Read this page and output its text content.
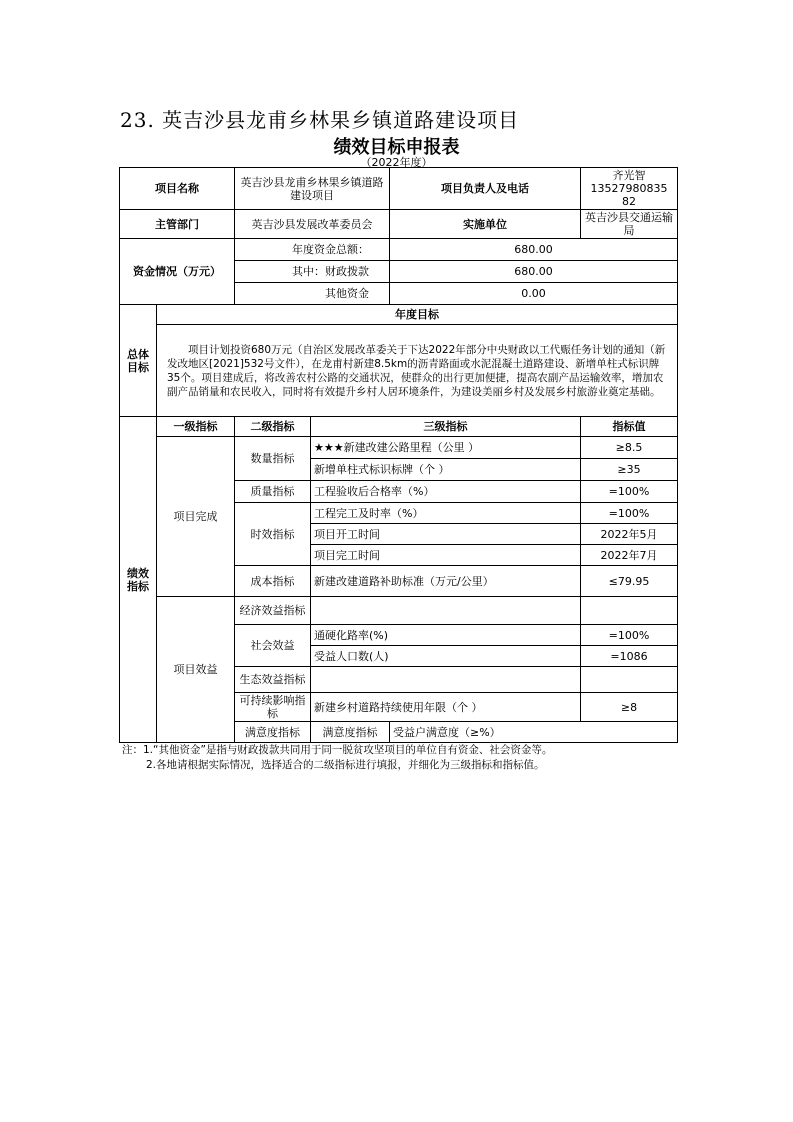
23. 英吉沙县龙甫乡林果乡镇道路建设项目
绩效目标申报表
（2022年度）
项目名称		英吉沙县龙甫乡林果乡镇道路建设项目		项目负责人及电话	齐光智13527980835​82	
主管部门		英吉沙县发展改革委员会		实施单位	英吉沙县交通运输局	
资金情况（万元）		年度资金总额：		680.00		
		其中：财政拨款		680.00		
		其他资金		0.00		
总体目标	年度目标					
	项目计划投资680万元（自治区发展改革委关于下达2022年部分中央财政以工代赈任务计划的通知（新发改地区[2021]532号文件），在龙甫村新建8.5km的沥青路面或水泥混凝土道路建设、新增单柱式标识牌35个。项目建成后，将改善农村公路的交通状况，使群众的出行更加便捷，提高农副产品运输效率，增加农副产品销量和农民收入，同时将有效提升乡村人居环境条件，为建设美丽乡村及发展乡村旅游业奠定基础。					
绩效指标	一级指标	二级指标	三级指标		指标值	
	项目完成	数量指标	★★★新建改建公路里程（公里 ）		≥8.5	
			新增单柱式标识标牌（个 ）		≥35	
		质量指标	工程验收后合格率（%）		=100%	
		时效指标	工程完工及时率（%）		=100%	
			项目开工时间		2022年5月	
			项目完工时间		2022年7月	
		成本指标	新建改建道路补助标准（万元/公里）		≤79.95	
	项目效益	经济效益指标				
		社会效益	通硬化路率(%)		=100%	
			受益人口数(人)		=1086	
		生态效益指标				
		可持续影响指标	新建乡村道路持续使用年限（个 ）		≥8	
		满意度指标	满意度指标	受益户满意度（≥%）	
注：1.“其他资金”是指与财政拨款共同用于同一脱贫攻坚项目的单位自有资金、社会资金等。
2.各地请根据实际情况，选择适合的二级指标进行填报，并细化为三级指标和指标值。
